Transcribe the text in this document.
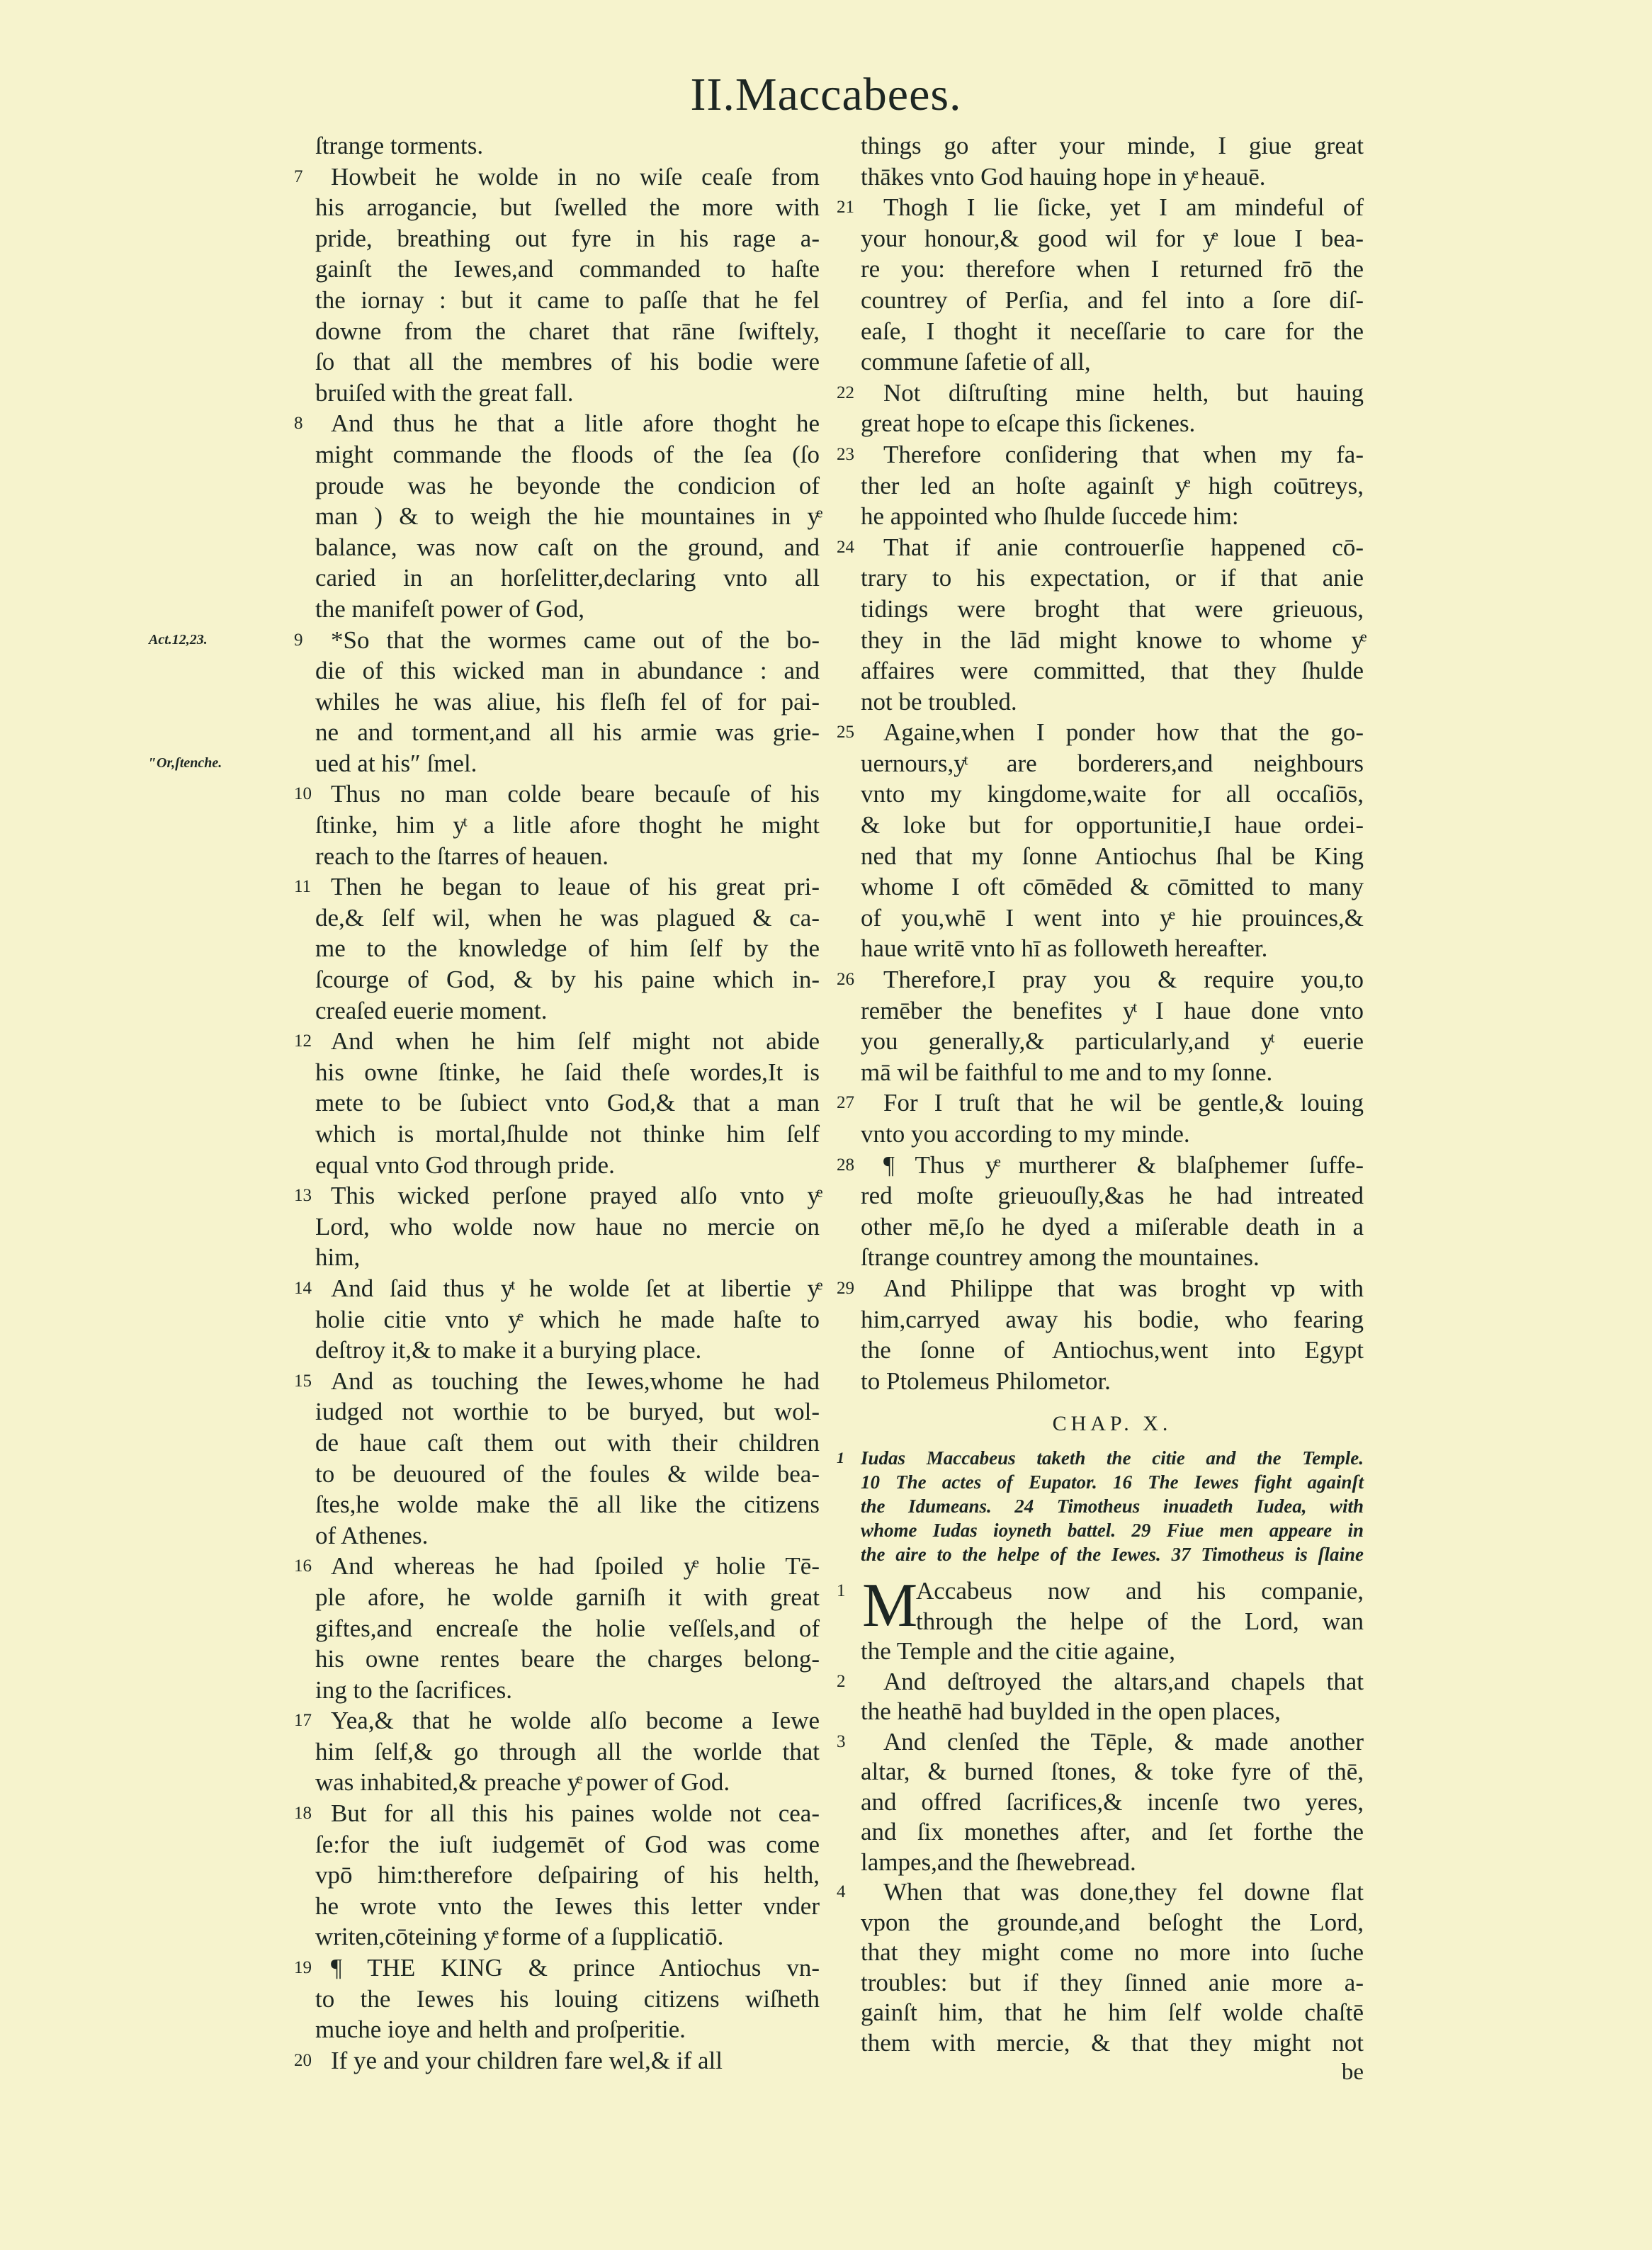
II.Maccabees.
ſtrange torments.
7	Howbeit he wolde in no wiſe ceaſe from
his arrogancie, but ſwelled the more with
pride, breathing out fyre in his rage a-
gainſt the Iewes,and commanded to haſte
the iornay : but it came to paſſe that he fel
downe from the charet that rāne ſwiftely,
ſo that all the membres of his bodie were
bruiſed with the great fall.
8	And thus he that a litle afore thoght he
might commande the floods of the ſea (ſo
proude was he beyonde the condicion of
man ) & to weigh the hie mountaines in yͤ
balance, was now caſt on the ground, and
caried in an horſelitter,declaring vnto all
the manifeſt power of God,
9
Act.12,23.	*So that the wormes came out of the bo-
die of this wicked man in abundance : and
whiles he was aliue, his fleſh fel of for pai-
ne and torment,and all his armie was grie-
″Or,ſtenche.	ued at his″ ſmel.
10 Thus no man colde beare becauſe of his
ſtinke, him yͭ a litle afore thoght he might
reach to the ſtarres of heauen.
11 Then he began to leaue of his great pri-
de,& ſelf wil, when he was plagued & ca-
me to the knowledge of him ſelf by the
ſcourge of God, & by his paine which in-
creaſed euerie moment.
12 And when he him ſelf might not abide
his owne ſtinke, he ſaid theſe wordes,It is
mete to be ſubiect vnto God,& that a man
which is mortal,ſhulde not thinke him ſelf
equal vnto God through pride.
13 This wicked perſone prayed alſo vnto yͤ
Lord, who wolde now haue no mercie on
him,
14 And ſaid thus yͭ he wolde ſet at libertie yͤ
holie citie vnto yͤ which he made haſte to
deſtroy it,& to make it a burying place.
15 And as touching the Iewes,whome he had
iudged not worthie to be buryed, but wol-
de haue caſt them out with their children
to be deuoured of the foules & wilde bea-
ſtes,he wolde make thē all like the citizens
of Athenes.
16 And whereas he had ſpoiled yͤ holie Tē-
ple afore, he wolde garniſh it with great
giftes,and encreaſe the holie veſſels,and of
his owne rentes beare the charges belong-
ing to the ſacrifices.
17 Yea,& that he wolde alſo become a Iewe
him ſelf,& go through all the worlde that
was inhabited,& preache yͤ power of God.
18 But for all this his paines wolde not cea-
ſe:for the iuſt iudgemēt of God was come
vpō him:therefore deſpairing of his helth,
he wrote vnto the Iewes this letter vnder
writen,cōteining yͤ forme of a ſupplicatiō.
19 ¶ THE KING & prince Antiochus vn-
to the Iewes his louing citizens wiſheth
muche ioye and helth and proſperitie.
20 If ye and your children fare wel,& if all
things go after your minde, I giue great
thākes vnto God hauing hope in yͤ heauē.
21	Thogh I lie ſicke, yet I am mindeful of
your honour,& good wil for yͤ loue I bea-
re you: therefore when I returned frō the
countrey of Perſia, and fel into a ſore diſ-
eaſe, I thoght it neceſſarie to care for the
commune ſafetie of all,
22	Not diſtruſting mine helth, but hauing
great hope to eſcape this ſickenes.
23	Therefore conſidering that when my fa-
ther led an hoſte againſt yͤ high coūtreys,
he appointed who ſhulde ſuccede him:
24	That if anie controuerſie happened cō-
trary to his expectation, or if that anie
tidings were broght that were grieuous,
they in the lād might knowe to whome yͤ
affaires were committed, that they ſhulde
not be troubled.
25	Againe,when I ponder how that the go-
uernours,yͭ are borderers,and neighbours
vnto my kingdome,waite for all occaſiōs,
& loke but for opportunitie,I haue ordei-
ned that my ſonne Antiochus ſhal be King
whome I oft cōmēded & cōmitted to many
of you,whē I went into yͤ hie prouinces,&
haue writē vnto hī as followeth hereafter.
26	Therefore,I pray you & require you,to
remēber the benefites yͭ I haue done vnto
you generally,& particularly,and yͭ euerie
mā wil be faithful to me and to my ſonne.
27	For I truſt that he wil be gentle,& louing
vnto you according to my minde.
28	¶ Thus yͤ murtherer & blaſphemer ſuffe-
red moſte grieuouſly,&as he had intreated
other mē,ſo he dyed a miſerable death in a
ſtrange countrey among the mountaines.
29	And Philippe that was broght vp with
him,carryed away his bodie, who fearing
the ſonne of Antiochus,went into Egypt
to Ptolemeus Philometor.
CHAP. X.
1 Iudas Maccabeus taketh the citie and the Temple.
10 The actes of Eupator. 16 The Iewes fight againſt
the Idumeans. 24 Timotheus inuadeth Iudea, with
whome Iudas ioyneth battel. 29 Fiue men appeare in
the aire to the helpe of the Iewes. 37 Timotheus is ſlaine
1 M
Accabeus now and his companie,
through the helpe of the Lord, wan
the Temple and the citie againe,
2	And deſtroyed the altars,and chapels that
the heathē had buylded in the open places,
3	And clenſed the Tēple, & made another
altar, & burned ſtones, & toke fyre of thē,
and offred ſacrifices,& incenſe two yeres,
and ſix monethes after, and ſet forthe the
lampes,and the ſhewebread.
4	When that was done,they fel downe flat
vpon the grounde,and beſoght the Lord,
that they might come no more into ſuche
troubles: but if they ſinned anie more a-
gainſt him, that he him ſelf wolde chaſtē
them with mercie, & that they might not
be
